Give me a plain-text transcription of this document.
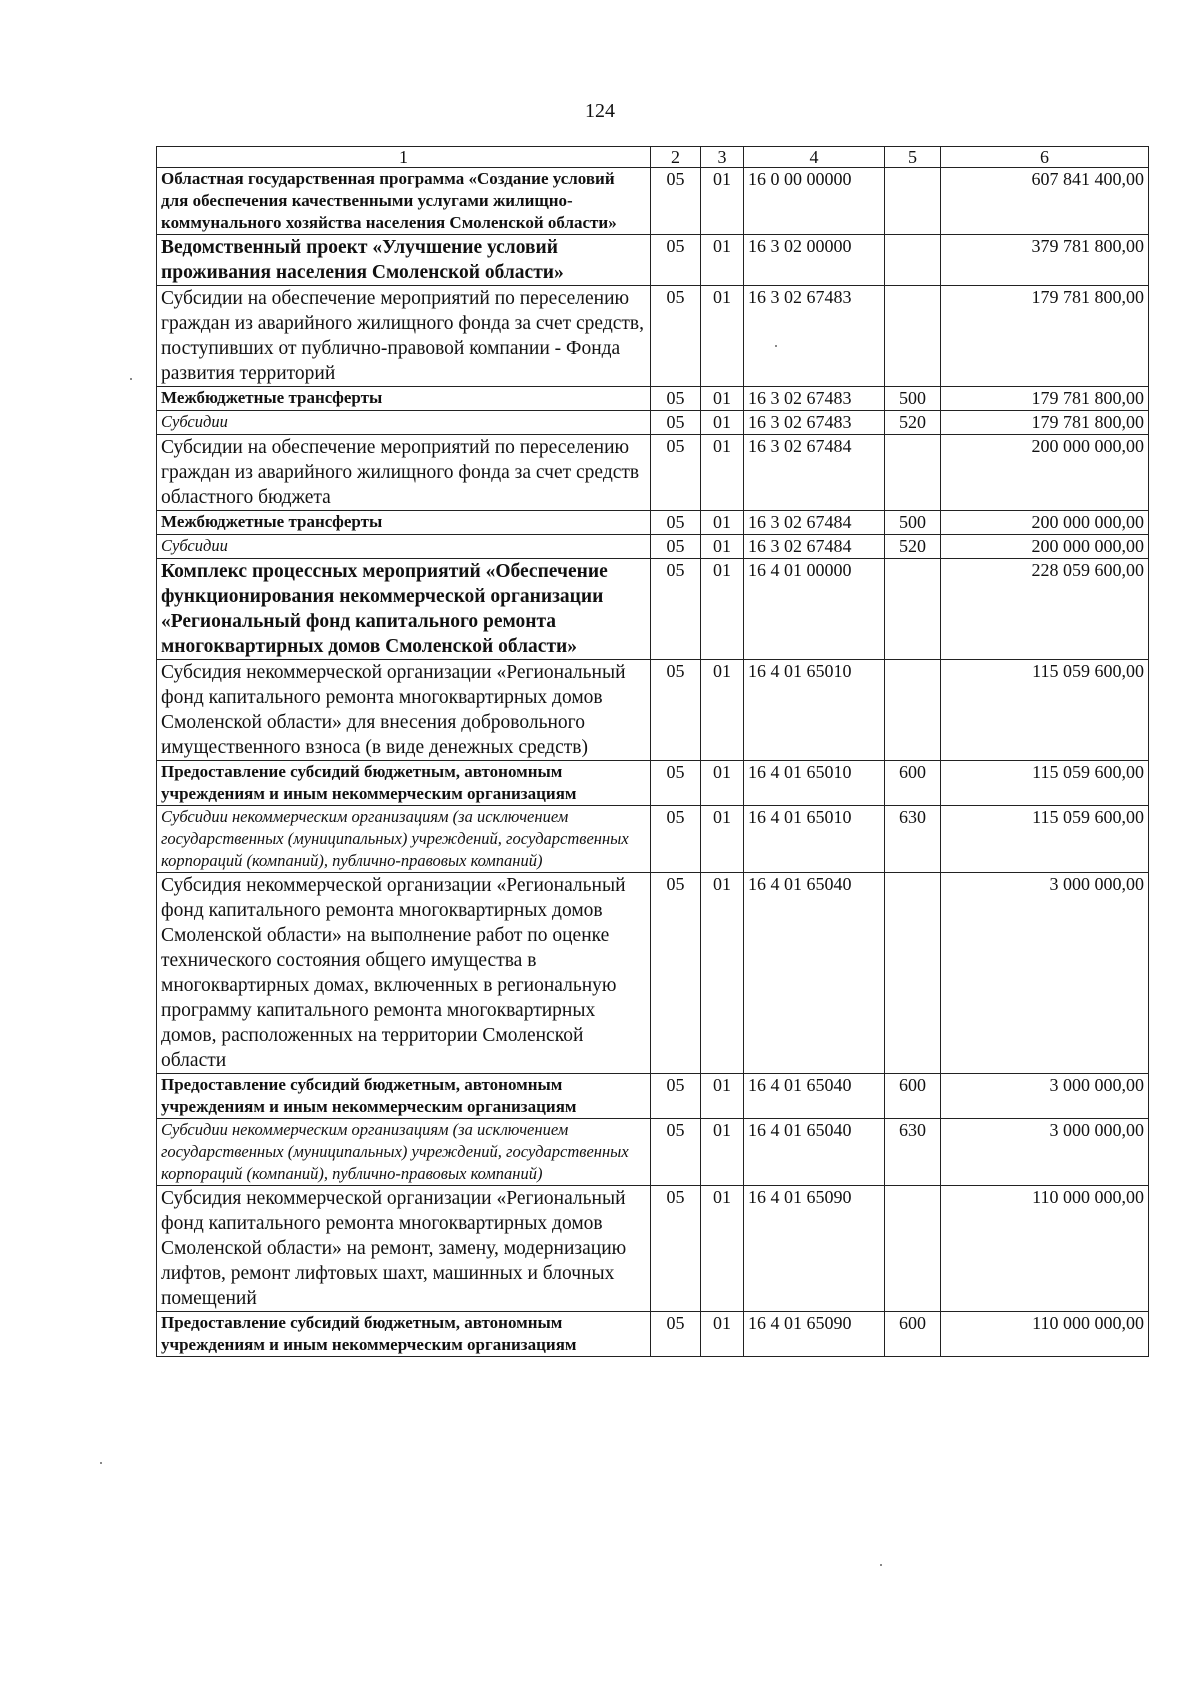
124
1	2	3	4	5	6
Областная государственная программа «Создание условий для обеспечения качественными услугами жилищно-коммунального хозяйства населения Смоленской области»	05	01	16 0 00 00000		607 841 400,00
Ведомственный проект «Улучшение условий проживания населения Смоленской области»	05	01	16 3 02 00000		379 781 800,00
Субсидии на обеспечение мероприятий по переселению граждан из аварийного жилищного фонда за счет средств, поступивших от публично-правовой компании - Фонда развития территорий	05	01	16 3 02 67483		179 781 800,00
Межбюджетные трансферты	05	01	16 3 02 67483	500	179 781 800,00
Субсидии	05	01	16 3 02 67483	520	179 781 800,00
Субсидии на обеспечение мероприятий по переселению граждан из аварийного жилищного фонда за счет средств областного бюджета	05	01	16 3 02 67484		200 000 000,00
Межбюджетные трансферты	05	01	16 3 02 67484	500	200 000 000,00
Субсидии	05	01	16 3 02 67484	520	200 000 000,00
Комплекс процессных мероприятий «Обеспечение функционирования некоммерческой организации «Региональный фонд капитального ремонта многоквартирных домов Смоленской области»	05	01	16 4 01 00000		228 059 600,00
Субсидия некоммерческой организации «Региональный фонд капитального ремонта многоквартирных домов Смоленской области» для внесения добровольного имущественного взноса (в виде денежных средств)	05	01	16 4 01 65010		115 059 600,00
Предоставление субсидий бюджетным, автономным учреждениям и иным некоммерческим организациям	05	01	16 4 01 65010	600	115 059 600,00
Субсидии некоммерческим организациям (за исключением государственных (муниципальных) учреждений, государственных корпораций (компаний), публично-правовых компаний)	05	01	16 4 01 65010	630	115 059 600,00
Субсидия некоммерческой организации «Региональный фонд капитального ремонта многоквартирных домов Смоленской области» на выполнение работ по оценке технического состояния общего имущества в многоквартирных домах, включенных в региональную программу капитального ремонта многоквартирных домов, расположенных на территории Смоленской области	05	01	16 4 01 65040		3 000 000,00
Предоставление субсидий бюджетным, автономным учреждениям и иным некоммерческим организациям	05	01	16 4 01 65040	600	3 000 000,00
Субсидии некоммерческим организациям (за исключением государственных (муниципальных) учреждений, государственных корпораций (компаний), публично-правовых компаний)	05	01	16 4 01 65040	630	3 000 000,00
Субсидия некоммерческой организации «Региональный фонд капитального ремонта многоквартирных домов Смоленской области» на ремонт, замену, модернизацию лифтов, ремонт лифтовых шахт, машинных и блочных помещений	05	01	16 4 01 65090		110 000 000,00
Предоставление субсидий бюджетным, автономным учреждениям и иным некоммерческим организациям	05	01	16 4 01 65090	600	110 000 000,00
